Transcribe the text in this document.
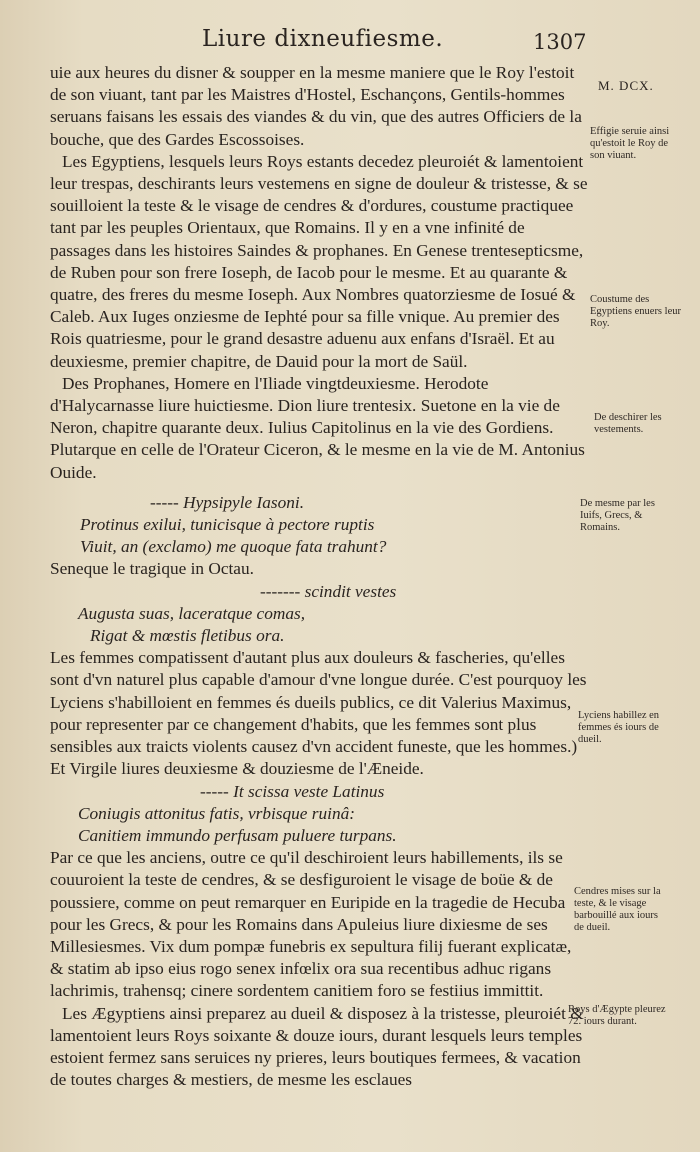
Liure dixneufiesme.	1307
M. DCX.
Effigie seruie ainsi qu'estoit le Roy de son viuant.
Coustume des Egyptiens enuers leur Roy.
De deschirer les vestements.
De mesme par les Iuifs, Grecs, & Romains.
Lyciens habillez en femmes és iours de dueil.
Cendres mises sur la teste, & le visage barbouillé aux iours de dueil.
Roys d'Ægypte pleurez 72. iours durant.

uie aux heures du disner & soupper en la mesme maniere que le Roy l'estoit de son viuant, tant par les Maistres d'Hostel, Eschançons, Gentils-hommes seruans faisans les essais des viandes & du vin, que des autres Officiers de la bouche, que des Gardes Escossoises.

Les Egyptiens, lesquels leurs Roys estants decedez pleuroiét & lamentoient leur trespas, deschirants leurs vestemens en signe de douleur & tristesse, & se souilloient la teste & le visage de cendres & d'ordures, coustume practiquee tant par les peuples Orientaux, que Romains. Il y en a vne infinité de passages dans les histoires Saindes & prophanes. En Genese trentesepticsme, de Ruben pour son frere Ioseph, de Iacob pour le mesme. Et au quarante & quatre, des freres du mesme Ioseph. Aux Nombres quatorziesme de Iosué & Caleb. Aux Iuges onziesme de Iephté pour sa fille vnique. Au premier des Rois quatriesme, pour le grand desastre aduenu aux enfans d'Israël. Et au deuxiesme, premier chapitre, de Dauid pour la mort de Saül.

Des Prophanes, Homere en l'Iliade vingtdeuxiesme. Herodote d'Halycarnasse liure huictiesme. Dion liure trentesix. Suetone en la vie de Neron, chapitre quarante deux. Iulius Capitolinus en la vie des Gordiens. Plutarque en celle de l'Orateur Ciceron, & le mesme en la vie de M. Antonius Ouide.

----- Hypsipyle Iasoni.

Protinus exilui, tunicisque à pectore ruptis

Viuit, an (exclamo) me quoque fata trahunt?

Seneque le tragique in Octau.

------- scindit vestes

Augusta suas, laceratque comas,

Rigat & mœstis fletibus ora.

Les femmes compatissent d'autant plus aux douleurs & fascheries, qu'elles sont d'vn naturel plus capable d'amour d'vne longue durée. C'est pourquoy les Lyciens s'habilloient en femmes és dueils publics, ce dit Valerius Maximus, pour representer par ce changement d'habits, que les femmes sont plus sensibles aux traicts violents causez d'vn accident funeste, que les hommes.) Et Virgile liures deuxiesme & douziesme de l'Æneide.

----- It scissa veste Latinus

Coniugis attonitus fatis, vrbisque ruinâ:

Canitiem immundo perfusam puluere turpans.

Par ce que les anciens, outre ce qu'il deschiroient leurs habillements, ils se couuroient la teste de cendres, & se desfiguroient le visage de boüe & de poussiere, comme on peut remarquer en Euripide en la tragedie de Hecuba pour les Grecs, & pour les Romains dans Apuleius liure dixiesme de ses Millesiesmes. Vix dum pompæ funebris ex sepultura filij fuerant explicatæ, & statim ab ipso eius rogo senex infœlix ora sua recentibus adhuc rigans lachrimis, trahensq; cinere sordentem canitiem foro se festiius immittit.

Les Ægyptiens ainsi preparez au dueil & disposez à la tristesse, pleuroiét & lamentoient leurs Roys soixante & douze iours, durant lesquels leurs temples estoient fermez sans seruices ny prieres, leurs boutiques fermees, & vacation de toutes charges & mestiers, de mesme les esclaues
